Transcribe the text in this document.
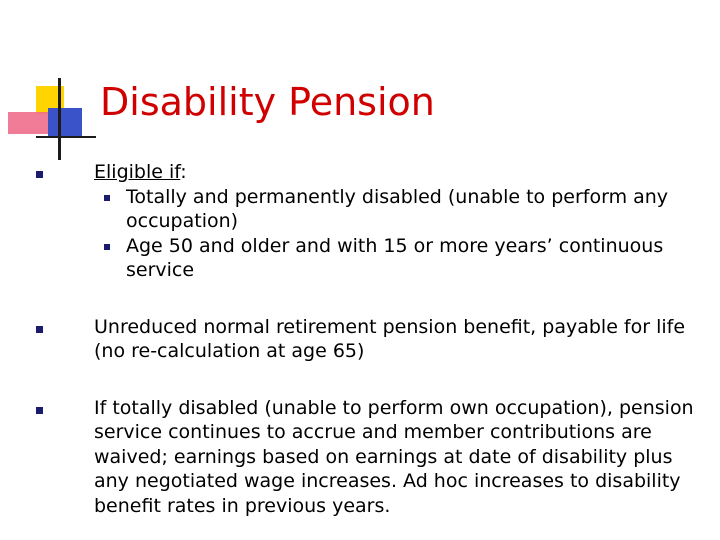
Disability Pension
Eligible if:
Totally and permanently disabled (unable to perform any occupation)
Age 50 and older and with 15 or more years’ continuous service
Unreduced normal retirement pension benefit, payable for life (no re-calculation at age 65)
If totally disabled (unable to perform own occupation), pension service continues to accrue and member contributions are waived; earnings based on earnings at date of disability plus any negotiated wage increases. Ad hoc increases to disability benefit rates in previous years.
